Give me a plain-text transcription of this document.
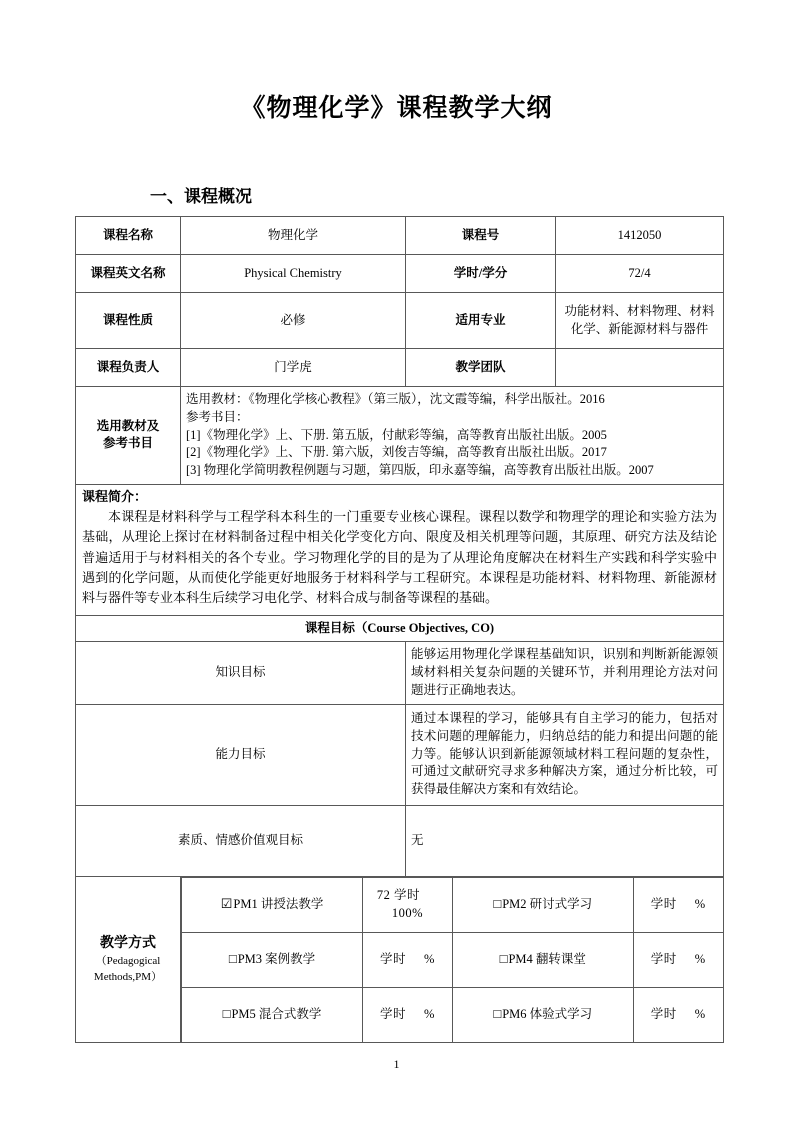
《物理化学》课程教学大纲
一、课程概况
课程名称	物理化学	课程号	1412050
课程英文名称	Physical Chemistry	学时/学分	72/4
课程性质	必修	适用专业	功能材料、材料物理、材料化学、新能源材料与器件
课程负责人	门学虎	教学团队	
选用教材及
参考书目	
选用教材：《物理化学核心教程》（第三版），沈文霞等编，科学出版社。2016
参考书目：
[1]《物理化学》上、下册. 第五版，付献彩等编，高等教育出版社出版。2005
[2]《物理化学》上、下册. 第六版，刘俊吉等编，高等教育出版社出版。2017
[3] 物理化学简明教程例题与习题，第四版，印永嘉等编，高等教育出版社出版。2007

课程简介：
本课程是材料科学与工程学科本科生的一门重要专业核心课程。课程以数学和物理学的理论和实验方法为基础，从理论上探讨在材料制备过程中相关化学变化方向、限度及相关机理等问题，其原理、研究方法及结论普遍适用于与材料相关的各个专业。学习物理化学的目的是为了从理论角度解决在材料生产实践和科学实验中遇到的化学问题，从而使化学能更好地服务于材料科学与工程研究。本课程是功能材料、材料物理、新能源材料与器件等专业本科生后续学习电化学、材料合成与制备等课程的基础。

课程目标（Course Objectives, CO)
知识目标	能够运用物理化学课程基础知识，识别和判断新能源领域材料相关复杂问题的关键环节，并利用理论方法对问题进行正确地表达。
能力目标	通过本课程的学习，能够具有自主学习的能力，包括对技术问题的理解能力，归纳总结的能力和提出问题的能力等。能够认识到新能源领域材料工程问题的复杂性，可通过文献研究寻求多种解决方案，通过分析比较，可获得最佳解决方案和有效结论。
素质、情感价值观目标	无

教学方式
（Pedagogical
Methods,PM）

☑PM1 讲授法教学	72 学时100%	□PM2 研讨式学习	学时 %
□PM3 案例教学	学时 %	□PM4 翻转课堂	学时 %
□PM5 混合式教学	学时 %	□PM6 体验式学习	学时 %
1
